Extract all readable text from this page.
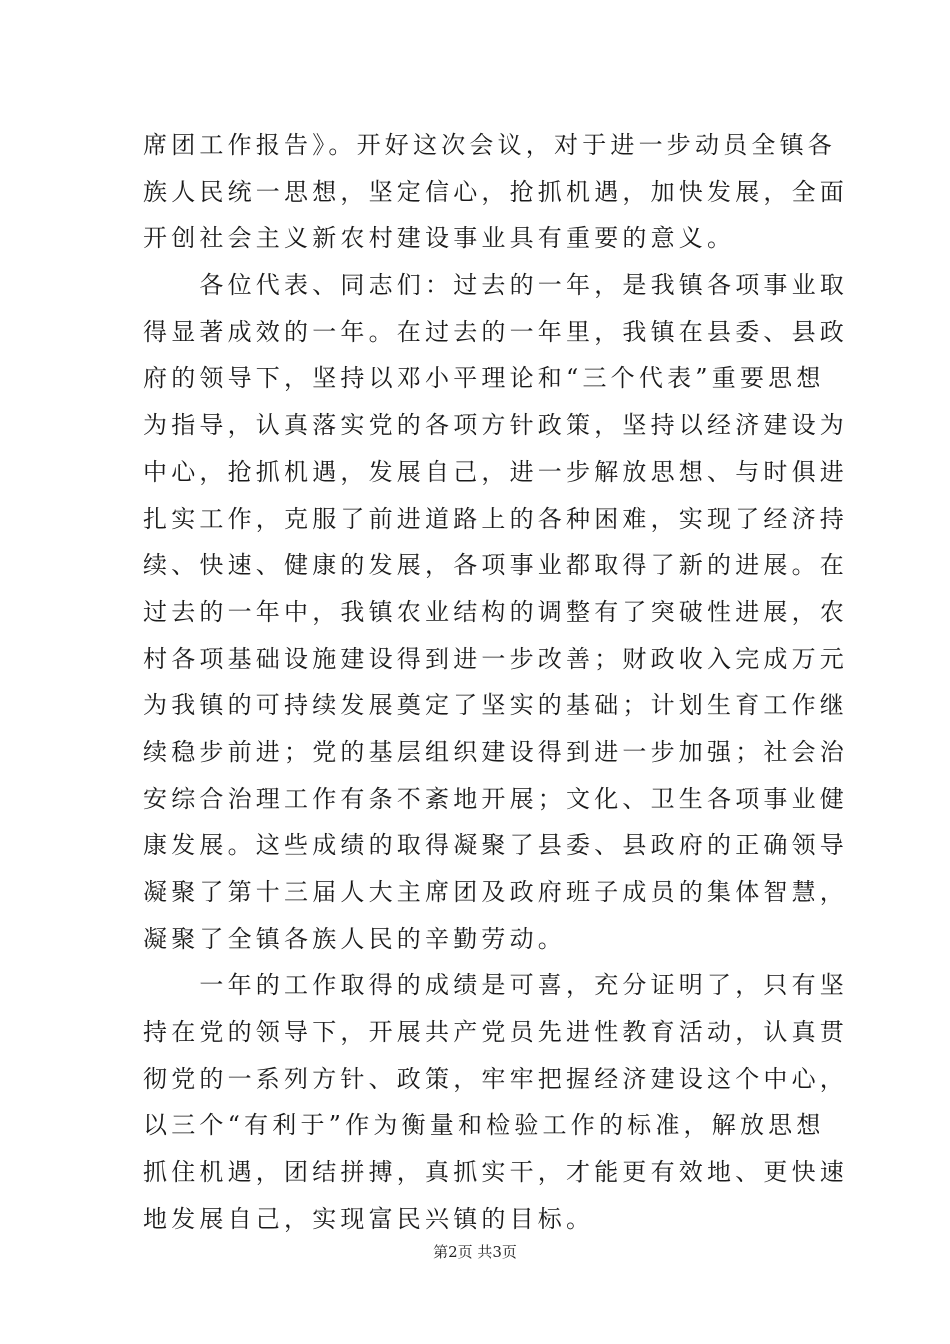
席团工作报告》。开好这次会议，对于进一步动员全镇各
族人民统一思想，坚定信心，抢抓机遇，加快发展，全面
开创社会主义新农村建设事业具有重要的意义。
　　各位代表、同志们：过去的一年，是我镇各项事业取
得显著成效的一年。在过去的一年里，我镇在县委、县政
府的领导下，坚持以邓小平理论和“三个代表”重要思想
为指导，认真落实党的各项方针政策，坚持以经济建设为
中心，抢抓机遇，发展自己，进一步解放思想、与时俱进
扎实工作，克服了前进道路上的各种困难，实现了经济持
续、快速、健康的发展，各项事业都取得了新的进展。在
过去的一年中，我镇农业结构的调整有了突破性进展，农
村各项基础设施建设得到进一步改善；财政收入完成万元
为我镇的可持续发展奠定了坚实的基础；计划生育工作继
续稳步前进；党的基层组织建设得到进一步加强；社会治
安综合治理工作有条不紊地开展；文化、卫生各项事业健
康发展。这些成绩的取得凝聚了县委、县政府的正确领导
凝聚了第十三届人大主席团及政府班子成员的集体智慧，
凝聚了全镇各族人民的辛勤劳动。
　　一年的工作取得的成绩是可喜，充分证明了，只有坚
持在党的领导下，开展共产党员先进性教育活动，认真贯
彻党的一系列方针、政策，牢牢把握经济建设这个中心，
以三个“有利于”作为衡量和检验工作的标准，解放思想
抓住机遇，团结拼搏，真抓实干，才能更有效地、更快速
地发展自己，实现富民兴镇的目标。
第2页 共3页
